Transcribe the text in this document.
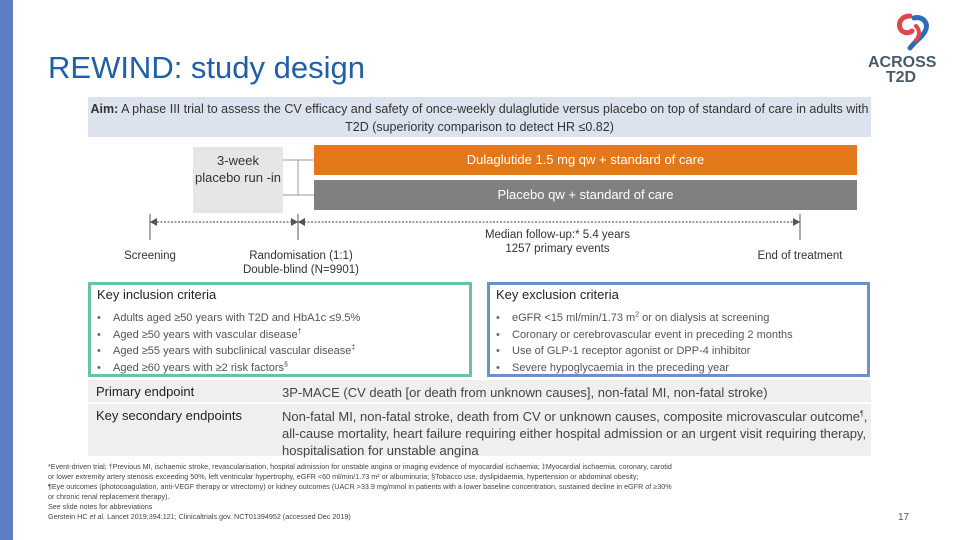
REWIND: study design	ACROSS
T2D
Aim: A phase III trial to assess the CV efficacy and safety of once-weekly dulaglutide versus placebo on top of standard of care in adults with T2D (superiority comparison to detect HR ≤0.82)
3-week placebo run -in
Dulaglutide 1.5 mg qw + standard of care
Placebo qw + standard of care
Screening	Randomisation (1:1)
Double-blind (N=9901)
Median follow-up:* 5.4 years
1257 primary events
End of treatment
Key inclusion criteria
• Adults aged ≥50 years with T2D and HbA1c ≤9.5%
• Aged ≥50 years with vascular disease†
• Aged ≥55 years with subclinical vascular disease‡
• Aged ≥60 years with ≥2 risk factors§
Key exclusion criteria
• eGFR <15 ml/min/1.73 $m^2$ or on dialysis at screening
• Coronary or cerebrovascular event in preceding 2 months
• Use of GLP-1 receptor agonist or DPP-4 inhibitor
• Severe hypoglycaemia in the preceding year
Primary endpoint	3P-MACE (CV death [or death from unknown causes], non-fatal MI, non-fatal stroke)
Key secondary endpoints	Non-fatal MI, non-fatal stroke, death from CV or unknown causes, composite microvascular outcome¶, all-cause mortality, heart failure requiring either hospital admission or an urgent visit requiring therapy, hospitalisation for unstable angina
*Event-driven trial; †Previous MI, ischaemic stroke, revascularisation, hospital admission for unstable angina or imaging evidence of myocardial ischaemia; ‡Myocardial ischaemia, coronary, carotid
or lower extremity artery stenosis exceeding 50%, left ventricular hypertrophy, eGFR <60 ml/min/1.73 m² or albuminuria; §Tobacco use, dyslipidaemia, hypertension or abdominal obesity;
¶Eye outcomes (photocoagulation, anti-VEGF therapy or vitrectomy) or kidney outcomes (UACR >33.9 mg/mmol in patients with a lower baseline concentration, sustained decline in eGFR of ≥30%
or chronic renal replacement therapy).
See slide notes for abbreviations
Gerstein HC et al. Lancet 2019;394:121; Clinicaltrials.gov. NCT01394952 (accessed Dec 2019)	17
